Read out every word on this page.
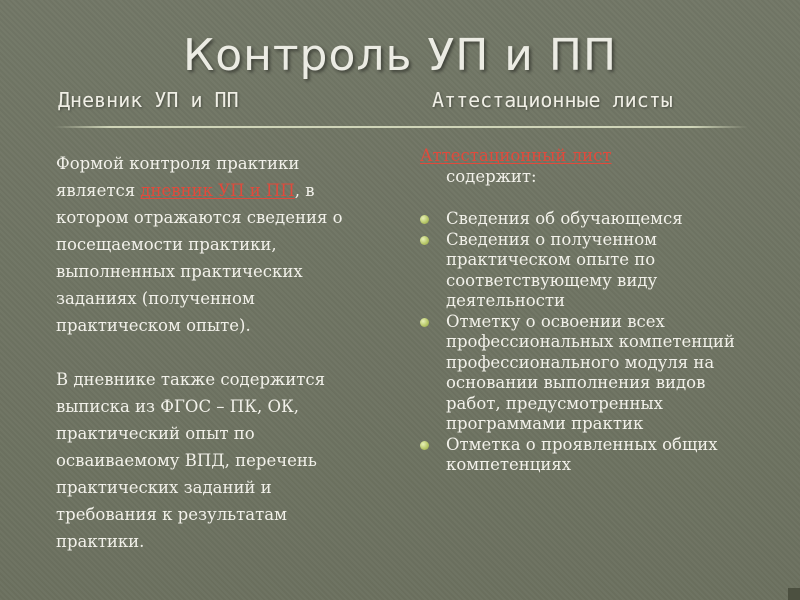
Контроль УП и ПП
Дневник УП и ПП	Аттестационные листы

Формой контроля практики является дневник УП и ПП, в котором отражаются сведения о посещаемости практики, выполненных практических заданиях (полученном практическом опыте).

В дневнике также содержится выписка из ФГОС – ПК, ОК, практический опыт по осваиваемому ВПД, перечень практических заданий и требования к результатам практики.

Аттестационный лист
содержит:
Сведения об обучающемся
Сведения о полученном практическом опыте по соответствующему виду деятельности
Отметку о освоении всех профессиональных компетенций профессионального модуля на основании выполнения видов работ, предусмотренных программами практик
Отметка о проявленных общих компетенциях
